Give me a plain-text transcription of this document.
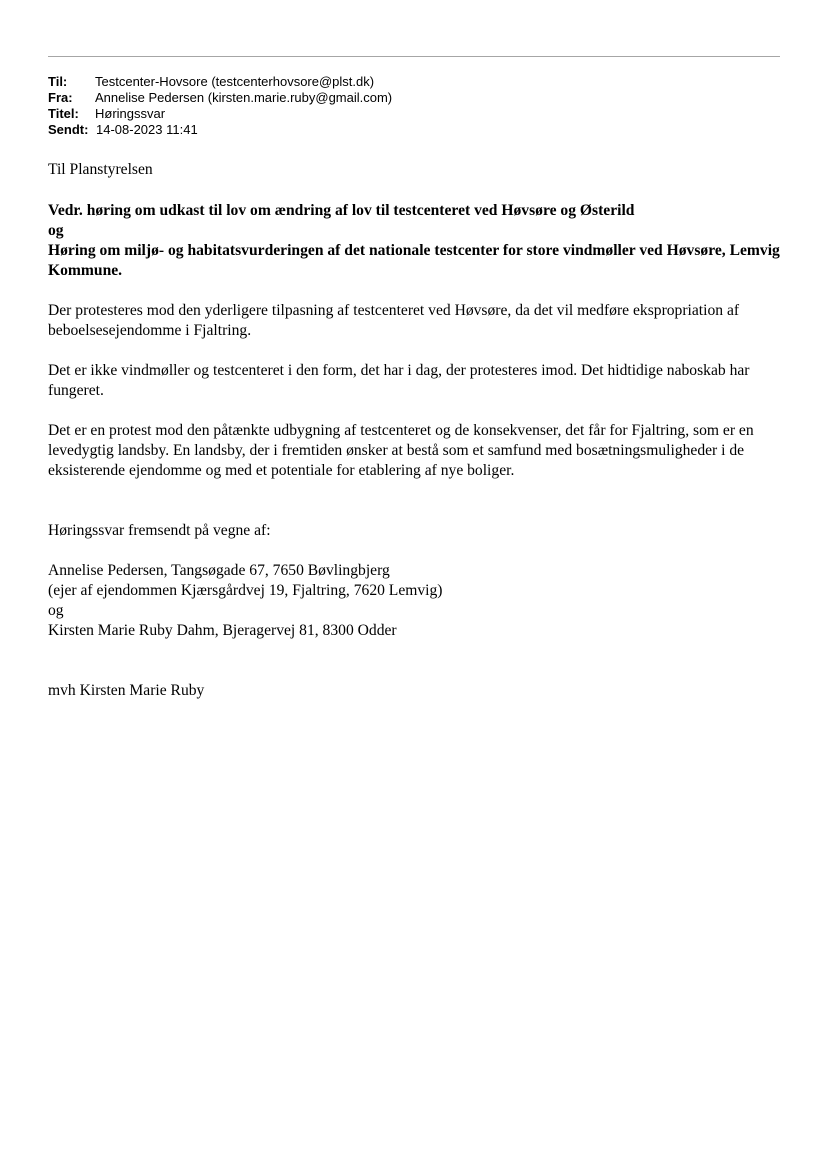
Til:	Testcenter-Hovsore (testcenterhovsore@plst.dk)
Fra:	Annelise Pedersen (kirsten.marie.ruby@gmail.com)
Titel:	Høringssvar
Sendt: 14-08-2023 11:41

Til Planstyrelsen

Vedr. høring om udkast til lov om ændring af lov til testcenteret ved Høvsøre og Østerild

og

Høring om miljø- og habitatsvurderingen af det nationale testcenter for store vindmøller ved Høvsøre, Lemvig Kommune.

Der protesteres mod den yderligere tilpasning af testcenteret ved Høvsøre, da det vil medføre ekspropriation af beboelsesejendomme i Fjaltring.

Det er ikke vindmøller og testcenteret i den form, det har i dag, der protesteres imod. Det hidtidige naboskab har fungeret.

Det er en protest mod den påtænkte udbygning af testcenteret og de konsekvenser, det får for Fjaltring, som er en levedygtig landsby. En landsby, der i fremtiden ønsker at bestå som et samfund med bosætningsmuligheder i de eksisterende ejendomme og med et potentiale for etablering af nye boliger.

Høringssvar fremsendt på vegne af:

Annelise Pedersen, Tangsøgade 67, 7650 Bøvlingbjerg

(ejer af ejendommen Kjærsgårdvej 19, Fjaltring, 7620 Lemvig)

og

Kirsten Marie Ruby Dahm, Bjeragervej 81, 8300 Odder

mvh Kirsten Marie Ruby
